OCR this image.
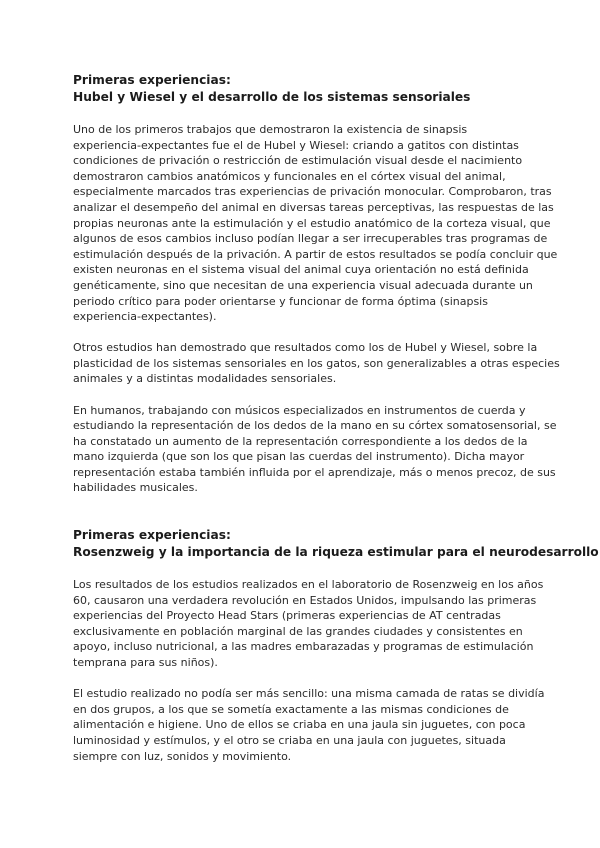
Primeras experiencias:
Hubel y Wiesel y el desarrollo de los sistemas sensoriales
Uno de los primeros trabajos que demostraron la existencia de sinapsis
experiencia-expectantes fue el de Hubel y Wiesel: criando a gatitos con distintas
condiciones de privación o restricción de estimulación visual desde el nacimiento
demostraron cambios anatómicos y funcionales en el córtex visual del animal,
especialmente marcados tras experiencias de privación monocular. Comprobaron, tras
analizar el desempeño del animal en diversas tareas perceptivas, las respuestas de las
propias neuronas ante la estimulación y el estudio anatómico de la corteza visual, que
algunos de esos cambios incluso podían llegar a ser irrecuperables tras programas de
estimulación después de la privación. A partir de estos resultados se podía concluir que
existen neuronas en el sistema visual del animal cuya orientación no está definida
genéticamente, sino que necesitan de una experiencia visual adecuada durante un
periodo crítico para poder orientarse y funcionar de forma óptima (sinapsis
experiencia-expectantes).
Otros estudios han demostrado que resultados como los de Hubel y Wiesel, sobre la
plasticidad de los sistemas sensoriales en los gatos, son generalizables a otras especies
animales y a distintas modalidades sensoriales.
En humanos, trabajando con músicos especializados en instrumentos de cuerda y
estudiando la representación de los dedos de la mano en su córtex somatosensorial, se
ha constatado un aumento de la representación correspondiente a los dedos de la
mano izquierda (que son los que pisan las cuerdas del instrumento). Dicha mayor
representación estaba también influida por el aprendizaje, más o menos precoz, de sus
habilidades musicales.
Primeras experiencias:
Rosenzweig y la importancia de la riqueza estimular para el neurodesarrollo
Los resultados de los estudios realizados en el laboratorio de Rosenzweig en los años
60, causaron una verdadera revolución en Estados Unidos, impulsando las primeras
experiencias del Proyecto Head Stars (primeras experiencias de AT centradas
exclusivamente en población marginal de las grandes ciudades y consistentes en
apoyo, incluso nutricional, a las madres embarazadas y programas de estimulación
temprana para sus niños).
El estudio realizado no podía ser más sencillo: una misma camada de ratas se dividía
en dos grupos, a los que se sometía exactamente a las mismas condiciones de
alimentación e higiene. Uno de ellos se criaba en una jaula sin juguetes, con poca
luminosidad y estímulos, y el otro se criaba en una jaula con juguetes, situada
siempre con luz, sonidos y movimiento.
